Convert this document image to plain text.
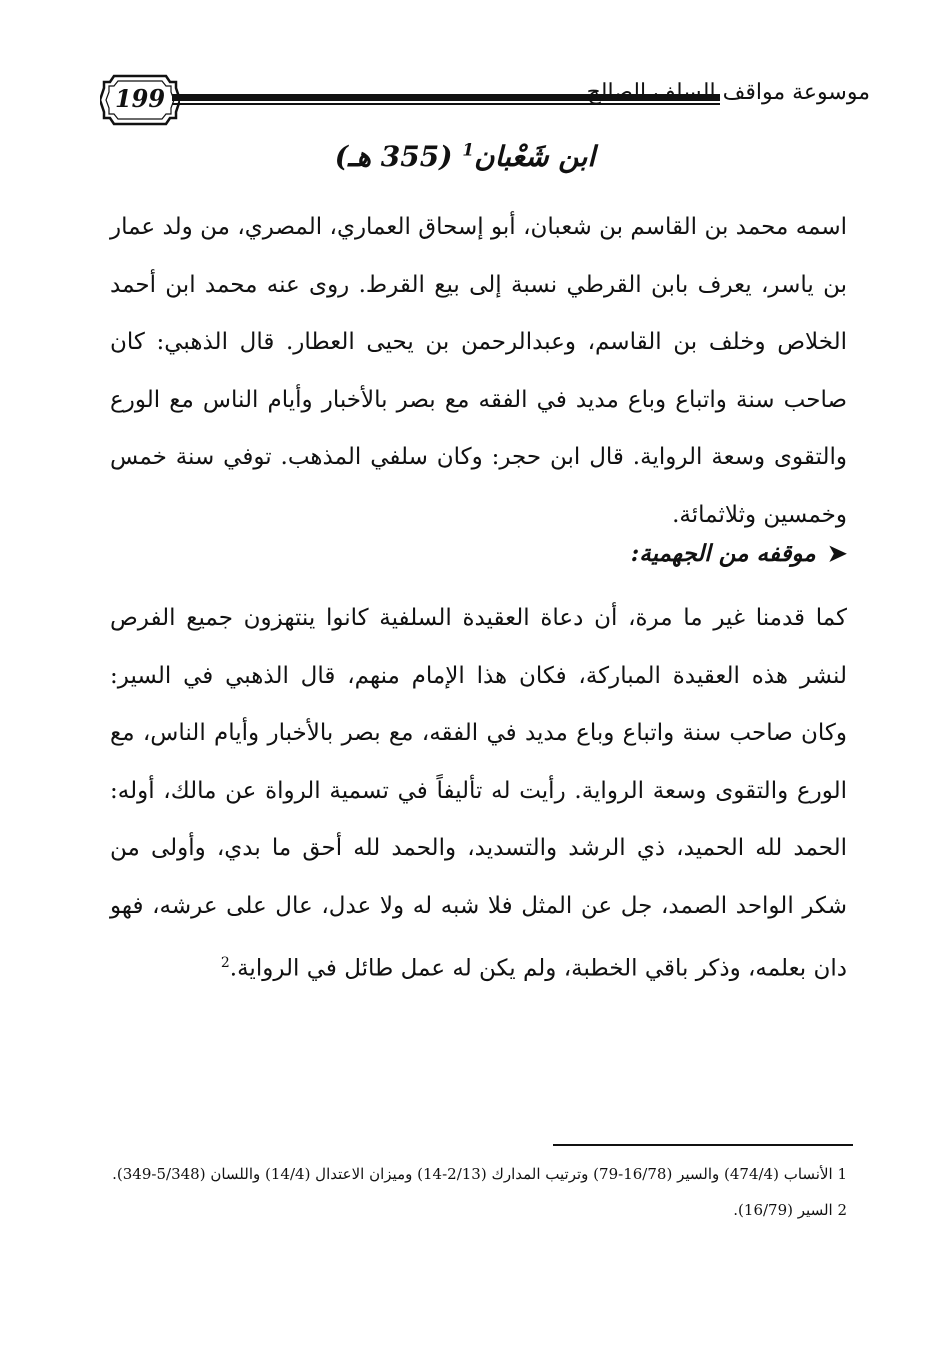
199	موسوعة مواقف السلف الصالح
ابن شَعْبان$^1$ (355 هـ)
اسمه محمد بن القاسم بن شعبان، أبو إسحاق العماري، المصري، من ولد عمار بن ياسر، يعرف بابن القرطي نسبة إلى بيع القرط. روى عنه محمد ابن أحمد الخلاص وخلف بن القاسم، وعبدالرحمن بن يحيى العطار. قال الذهبي: كان صاحب سنة واتباع وباع مديد في الفقه مع بصر بالأخبار وأيام الناس مع الورع والتقوى وسعة الرواية. قال ابن حجر: وكان سلفي المذهب. توفي سنة خمس وخمسين وثلاثمائة.
➤موقفه من الجهمية:
كما قدمنا غير ما مرة، أن دعاة العقيدة السلفية كانوا ينتهزون جميع الفرص لنشر هذه العقيدة المباركة، فكان هذا الإمام منهم، قال الذهبي في السير: وكان صاحب سنة واتباع وباع مديد في الفقه، مع بصر بالأخبار وأيام الناس، مع الورع والتقوى وسعة الرواية. رأيت له تأليفاً في تسمية الرواة عن مالك، أوله: الحمد لله الحميد، ذي الرشد والتسديد، والحمد لله أحق ما بدي، وأولى من شكر الواحد الصمد، جل عن المثل فلا شبه له ولا عدل، عال على عرشه، فهو دان بعلمه، وذكر باقي الخطبة، ولم يكن له عمل طائل في الرواية.$^2$

1 الأنساب (474/4) والسير (16/78-79) وترتيب المدارك (2/13-14) وميزان الاعتدال (14/4) واللسان (5/348-349).

2 السير (16/79).
